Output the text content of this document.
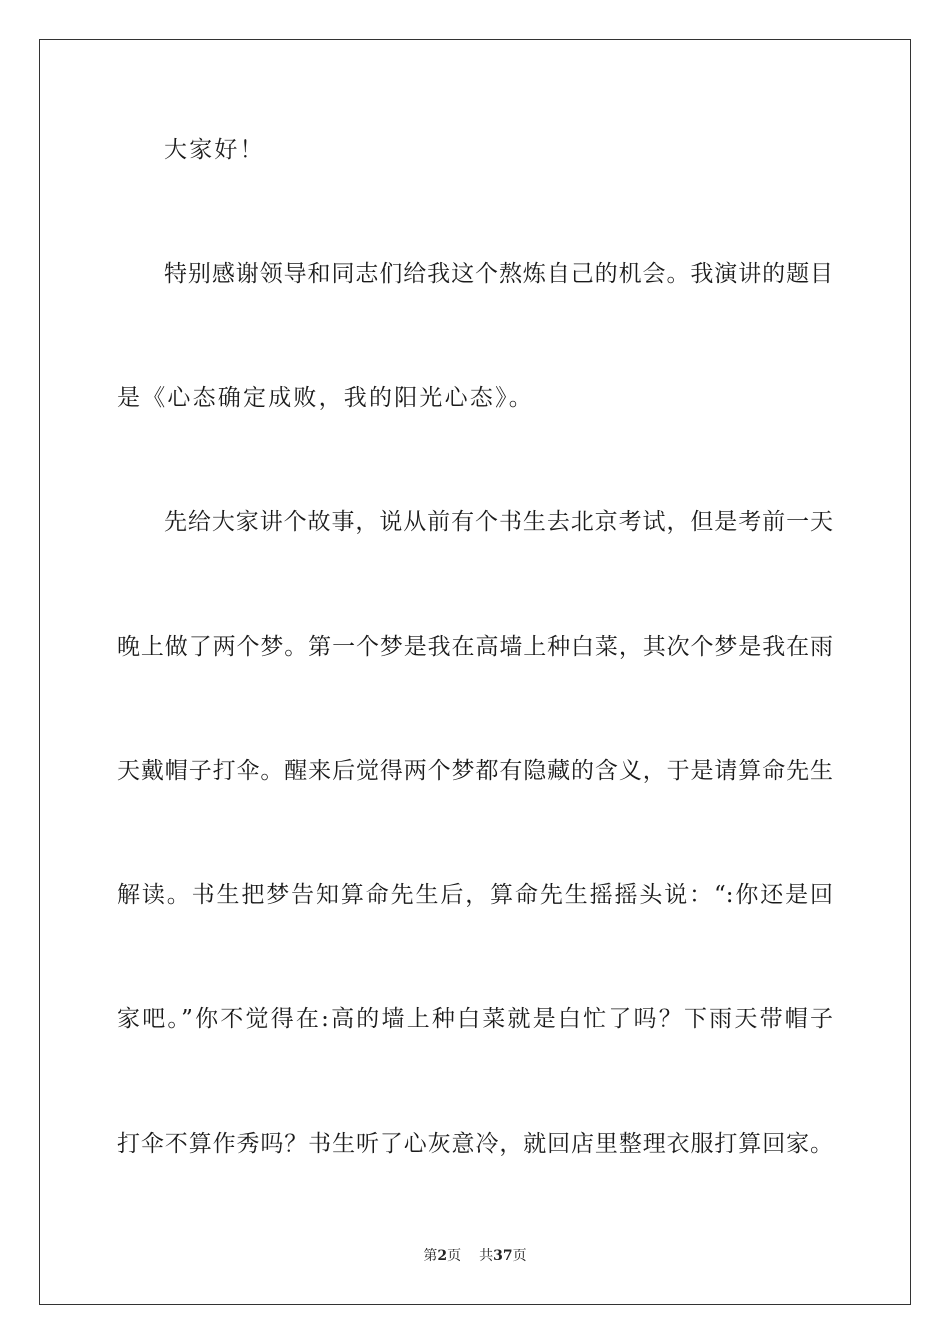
大家好！
特别感谢领导和同志们给我这个熬炼自己的机会。我演讲的题目
是《心态确定成败，我的阳光心态》。
先给大家讲个故事，说从前有个书生去北京考试，但是考前一天
晚上做了两个梦。第一个梦是我在高墙上种白菜，其次个梦是我在雨
天戴帽子打伞。醒来后觉得两个梦都有隐藏的含义，于是请算命先生
解读。书生把梦告知算命先生后，算命先生摇摇头说：“:你还是回
家吧。”你不觉得在:高的墙上种白菜就是白忙了吗？下雨天带帽子
打伞不算作秀吗？书生听了心灰意冷，就回店里整理衣服打算回家。
第2页 共37页
